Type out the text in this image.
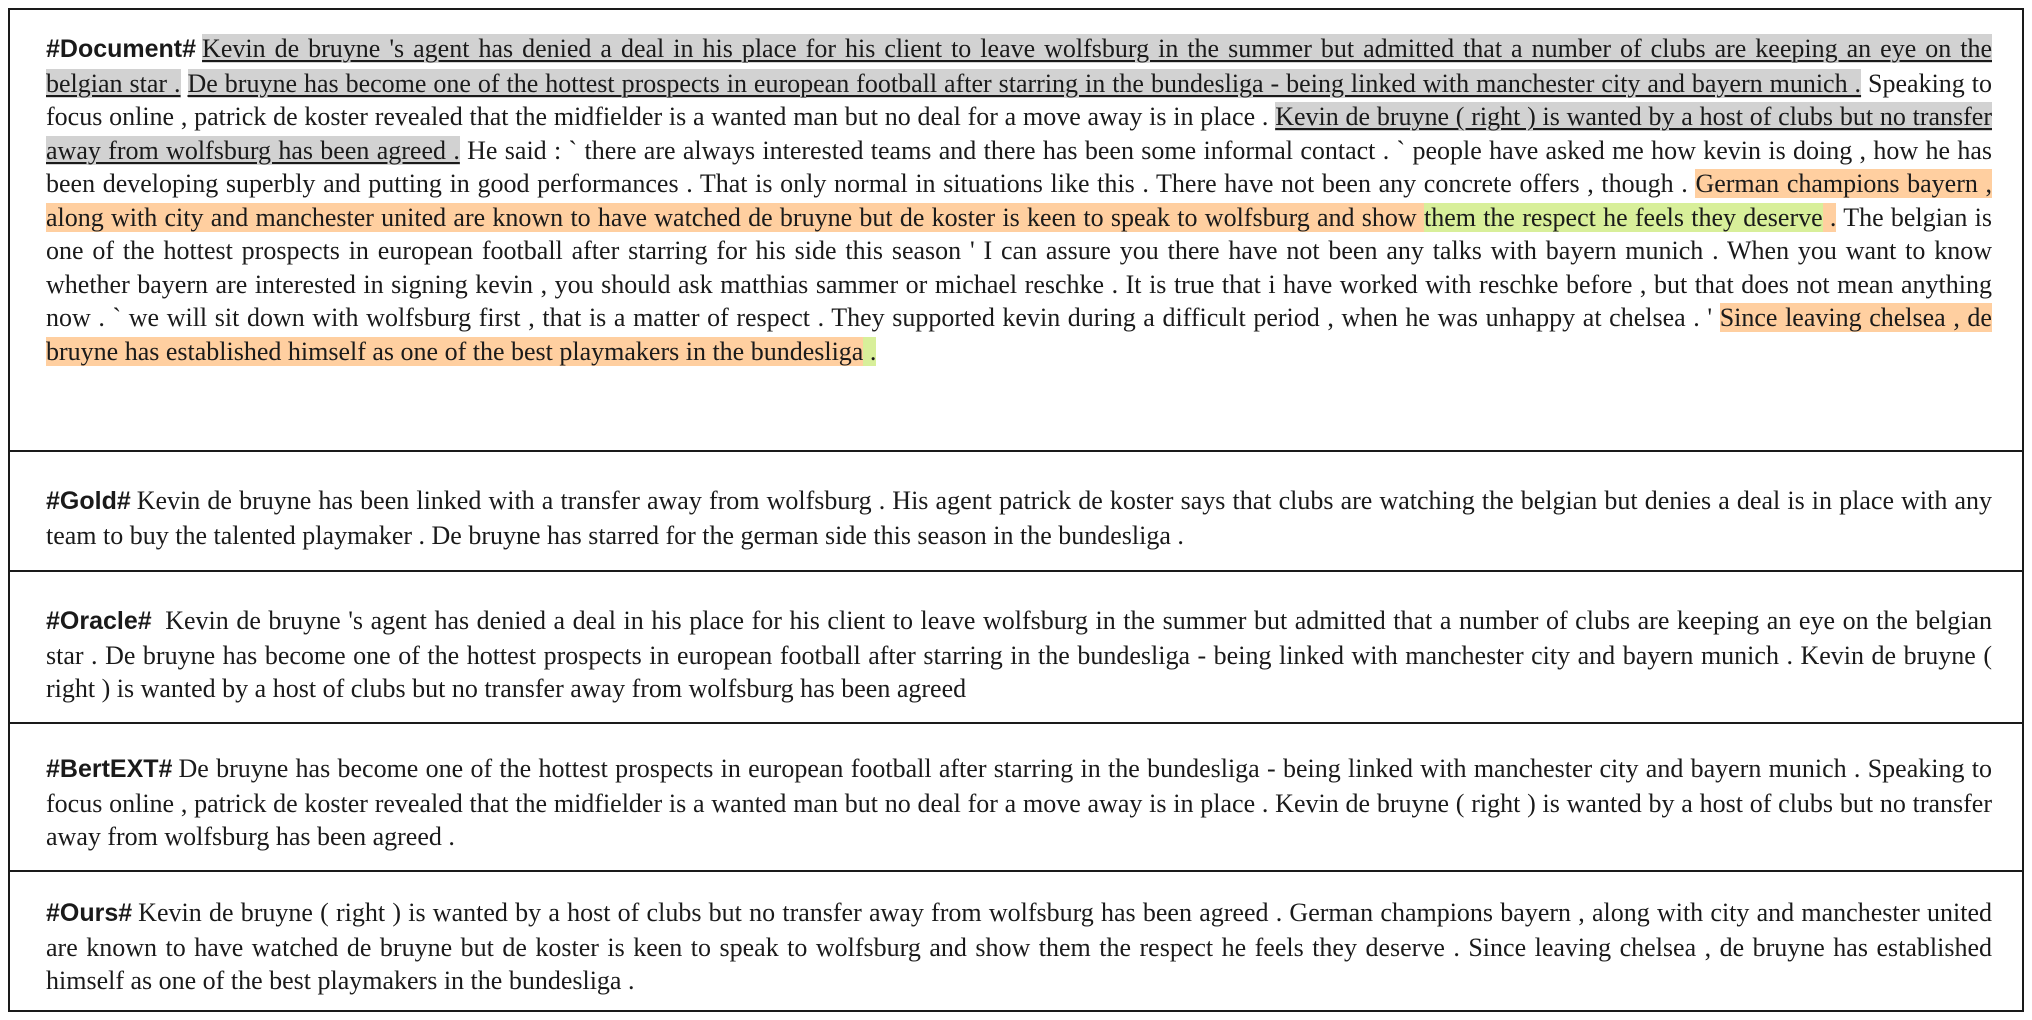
#Document# Kevin de bruyne 's agent has denied a deal in his place for his client to leave wolfsburg in the summer but admitted that a number of clubs are keeping an eye on the belgian star . De bruyne has become one of the hottest prospects in european football after starring in the bundesliga - being linked with manchester city and bayern munich . Speaking to focus online , patrick de koster revealed that the midfielder is a wanted man but no deal for a move away is in place . Kevin de bruyne ( right ) is wanted by a host of clubs but no transfer away from wolfsburg has been agreed . He said : ` there are always interested teams and there has been some informal contact . ` people have asked me how kevin is doing , how he has been developing superbly and putting in good performances . That is only normal in situations like this . There have not been any concrete offers , though . German champions bayern , along with city and manchester united are known to have watched de bruyne but de koster is keen to speak to wolfsburg and show them the respect he feels they deserve . The belgian is one of the hottest prospects in european football after starring for his side this season ' I can assure you there have not been any talks with bayern munich . When you want to know whether bayern are interested in signing kevin , you should ask matthias sammer or michael reschke . It is true that i have worked with reschke before , but that does not mean anything now . ` we will sit down with wolfsburg first , that is a matter of respect . They supported kevin during a difficult period , when he was unhappy at chelsea . ' Since leaving chelsea , de bruyne has established himself as one of the best playmakers in the bundesliga .
#Gold# Kevin de bruyne has been linked with a transfer away from wolfsburg . His agent patrick de koster says that clubs are watching the belgian but denies a deal is in place with any team to buy the talented playmaker . De bruyne has starred for the german side this season in the bundesliga .
#Oracle# Kevin de bruyne 's agent has denied a deal in his place for his client to leave wolfsburg in the summer but admitted that a number of clubs are keeping an eye on the belgian star . De bruyne has become one of the hottest prospects in european football after starring in the bundesliga - being linked with manchester city and bayern munich . Kevin de bruyne ( right ) is wanted by a host of clubs but no transfer away from wolfsburg has been agreed
#BertEXT# De bruyne has become one of the hottest prospects in european football after starring in the bundesliga - being linked with manchester city and bayern munich . Speaking to focus online , patrick de koster revealed that the midfielder is a wanted man but no deal for a move away is in place . Kevin de bruyne ( right ) is wanted by a host of clubs but no transfer away from wolfsburg has been agreed .
#Ours# Kevin de bruyne ( right ) is wanted by a host of clubs but no transfer away from wolfsburg has been agreed . German champions bayern , along with city and manchester united are known to have watched de bruyne but de koster is keen to speak to wolfsburg and show them the respect he feels they deserve . Since leaving chelsea , de bruyne has established himself as one of the best playmakers in the bundesliga .
